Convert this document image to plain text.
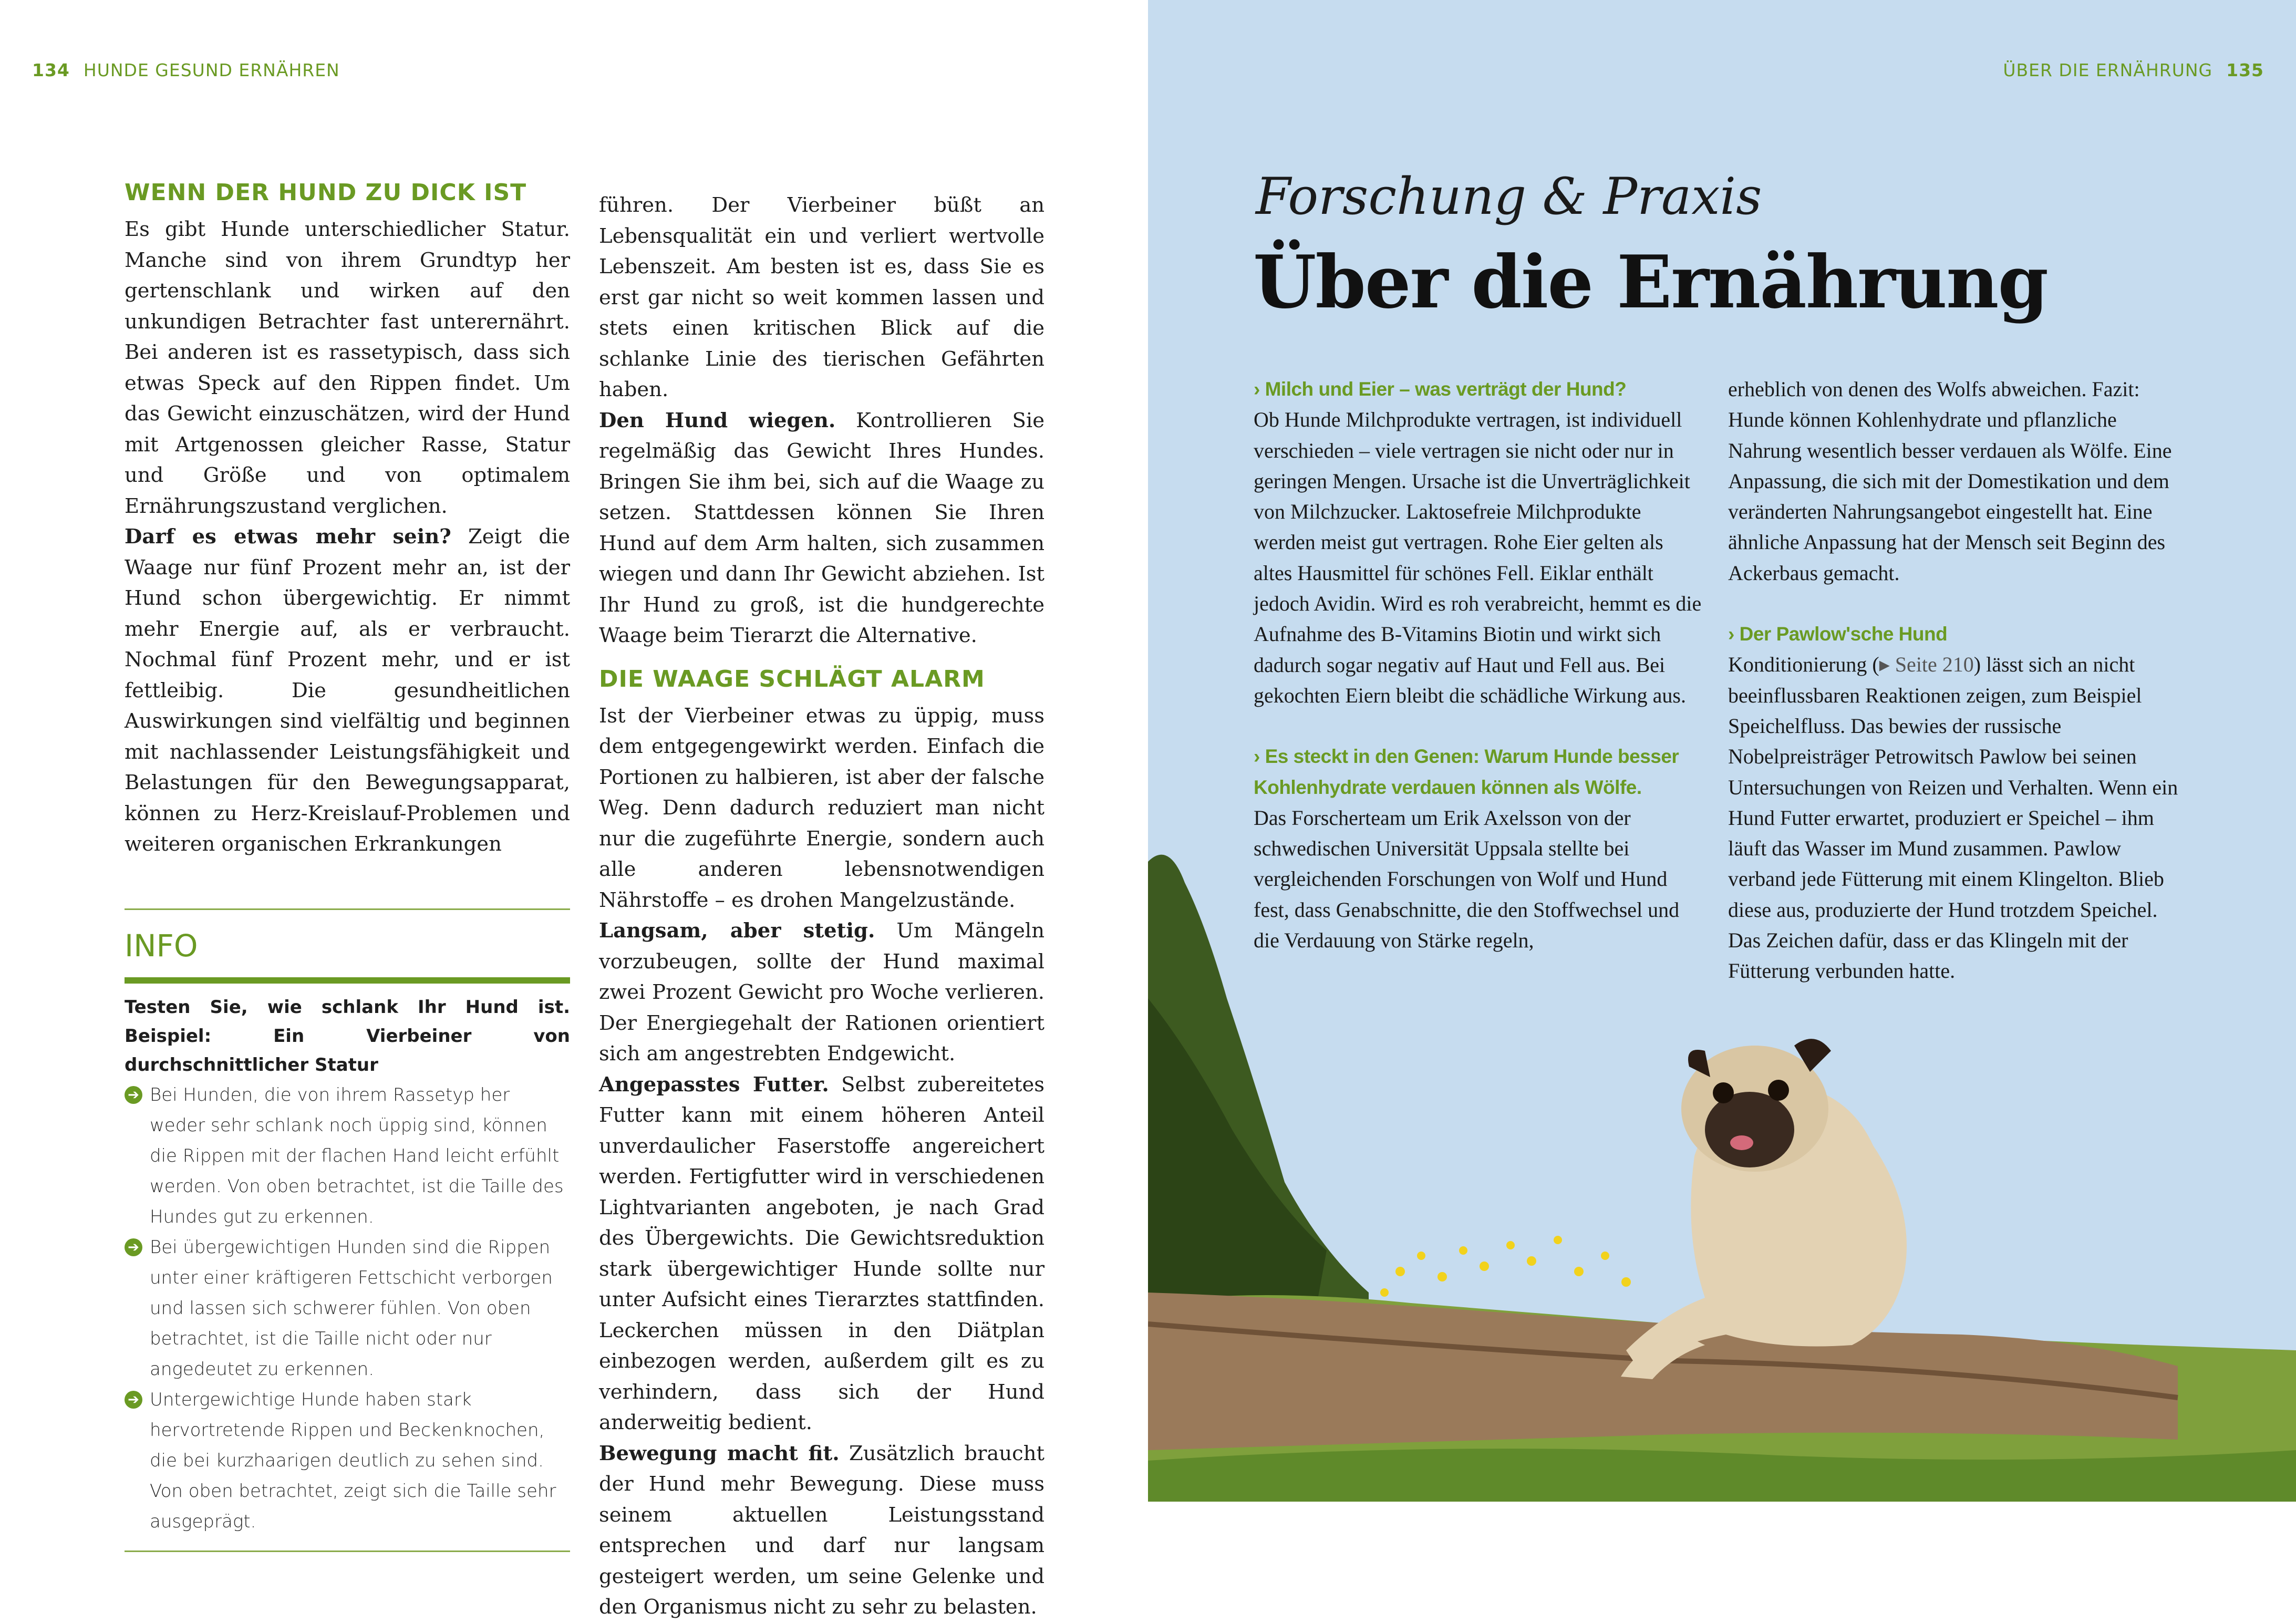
134 HUNDE GESUND ERNÄHREN
WENN DER HUND ZU DICK IST

Es gibt Hunde unterschiedlicher Statur. Manche sind von ihrem Grundtyp her gertenschlank und wirken auf den unkundigen Betrachter fast unterernährt. Bei anderen ist es rassetypisch, dass sich etwas Speck auf den Rippen findet. Um das Gewicht einzuschätzen, wird der Hund mit Artgenossen gleicher Rasse, Statur und Größe und von optimalem Ernährungszustand verglichen.

Darf es etwas mehr sein? Zeigt die Waage nur fünf Prozent mehr an, ist der Hund schon übergewichtig. Er nimmt mehr Energie auf, als er verbraucht. Nochmal fünf Prozent mehr, und er ist fettleibig. Die gesundheitlichen Auswirkungen sind vielfältig und beginnen mit nachlassender Leistungsfähigkeit und Belastungen für den Bewegungsapparat, können zu Herz-Kreislauf-Problemen und weiteren organischen Erkrankungen

INFO
Testen Sie, wie schlank Ihr Hund ist. Beispiel: Ein Vierbeiner von durchschnittlicher Statur
➔ Bei Hunden, die von ihrem Rassetyp her weder sehr schlank noch üppig sind, können die Rippen mit der flachen Hand leicht erfühlt werden. Von oben betrachtet, ist die Taille des Hundes gut zu erkennen.
➔ Bei übergewichtigen Hunden sind die Rippen unter einer kräftigeren Fettschicht verborgen und lassen sich schwerer fühlen. Von oben betrachtet, ist die Taille nicht oder nur angedeutet zu erkennen.
➔ Untergewichtige Hunde haben stark hervortretende Rippen und Beckenknochen, die bei kurzhaarigen deutlich zu sehen sind. Von oben betrachtet, zeigt sich die Taille sehr ausgeprägt.

führen. Der Vierbeiner büßt an Lebensqualität ein und verliert wertvolle Lebenszeit. Am besten ist es, dass Sie es erst gar nicht so weit kommen lassen und stets einen kritischen Blick auf die schlanke Linie des tierischen Gefährten haben.

Den Hund wiegen. Kontrollieren Sie regelmäßig das Gewicht Ihres Hundes. Bringen Sie ihm bei, sich auf die Waage zu setzen. Stattdessen können Sie Ihren Hund auf dem Arm halten, sich zusammen wiegen und dann Ihr Gewicht abziehen. Ist Ihr Hund zu groß, ist die hundgerechte Waage beim Tierarzt die Alternative.

DIE WAAGE SCHLÄGT ALARM

Ist der Vierbeiner etwas zu üppig, muss dem entgegengewirkt werden. Einfach die Portionen zu halbieren, ist aber der falsche Weg. Denn dadurch reduziert man nicht nur die zugeführte Energie, sondern auch alle anderen lebensnotwendigen Nährstoffe – es drohen Mangelzustände.

Langsam, aber stetig. Um Mängeln vorzubeugen, sollte der Hund maximal zwei Prozent Gewicht pro Woche verlieren. Der Energiegehalt der Rationen orientiert sich am angestrebten Endgewicht.

Angepasstes Futter. Selbst zubereitetes Futter kann mit einem höheren Anteil unverdaulicher Faserstoffe angereichert werden. Fertigfutter wird in verschiedenen Lightvarianten angeboten, je nach Grad des Übergewichts. Die Gewichtsreduktion stark übergewichtiger Hunde sollte nur unter Aufsicht eines Tierarztes stattfinden. Leckerchen müssen in den Diätplan einbezogen werden, außerdem gilt es zu verhindern, dass sich der Hund anderweitig bedient.

Bewegung macht fit. Zusätzlich braucht der Hund mehr Bewegung. Diese muss seinem aktuellen Leistungsstand entsprechen und darf nur langsam gesteigert werden, um seine Gelenke und den Organismus nicht zu sehr zu belasten.

ÜBER DIE ERNÄHRUNG 135
Forschung & Praxis
Über die Ernährung
› Milch und Eier – was verträgt der Hund?

Ob Hunde Milchprodukte vertragen, ist individuell verschieden – viele vertragen sie nicht oder nur in geringen Mengen. Ursache ist die Unverträglichkeit von Milchzucker. Laktosefreie Milchprodukte werden meist gut vertragen. Rohe Eier gelten als altes Hausmittel für schönes Fell. Eiklar enthält jedoch Avidin. Wird es roh verabreicht, hemmt es die Aufnahme des B-Vitamins Biotin und wirkt sich dadurch sogar negativ auf Haut und Fell aus. Bei gekochten Eiern bleibt die schädliche Wirkung aus.

› Es steckt in den Genen: Warum Hunde besser Kohlenhydrate verdauen können als Wölfe.

Das Forscherteam um Erik Axelsson von der schwedischen Universität Uppsala stellte bei vergleichenden Forschungen von Wolf und Hund fest, dass Genabschnitte, die den Stoffwechsel und die Verdauung von Stärke regeln,

erheblich von denen des Wolfs abweichen. Fazit: Hunde können Kohlenhydrate und pflanzliche Nahrung wesentlich besser verdauen als Wölfe. Eine Anpassung, die sich mit der Domestikation und dem veränderten Nahrungsangebot eingestellt hat. Eine ähnliche Anpassung hat der Mensch seit Beginn des Ackerbaus gemacht.

› Der Pawlow'sche Hund

Konditionierung (▸ Seite 210) lässt sich an nicht beeinflussbaren Reaktionen zeigen, zum Beispiel Speichelfluss. Das bewies der russische Nobelpreisträger Petrowitsch Pawlow bei seinen Untersuchungen von Reizen und Verhalten. Wenn ein Hund Futter erwartet, produziert er Speichel – ihm läuft das Wasser im Mund zusammen. Pawlow verband jede Fütterung mit einem Klingelton. Blieb diese aus, produzierte der Hund trotzdem Speichel. Das Zeichen dafür, dass er das Klingeln mit der Fütterung verbunden hatte.
